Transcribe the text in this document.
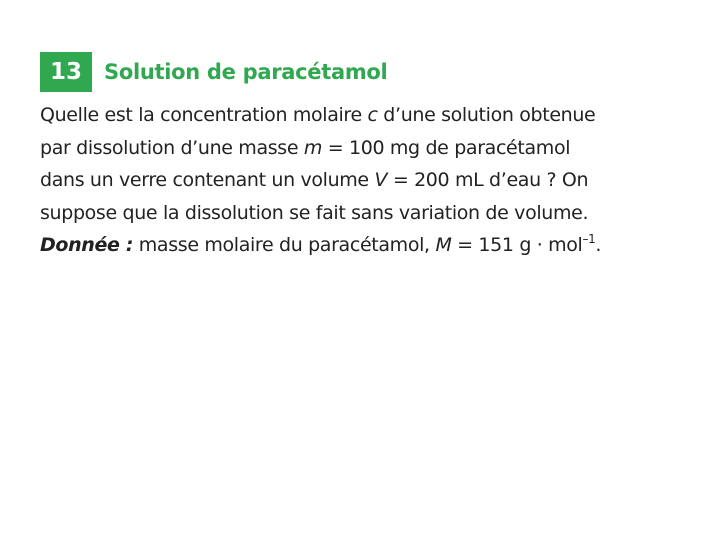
13	Solution de paracétamol
Quelle est la concentration molaire c d’une solution obtenue
par dissolution d’une masse m = 100 mg de paracétamol
dans un verre contenant un volume V = 200 mL d’eau ? On
suppose que la dissolution se fait sans variation de volume.
Donnée : masse molaire du paracétamol, M = 151 g · mol$^{-1}$.
